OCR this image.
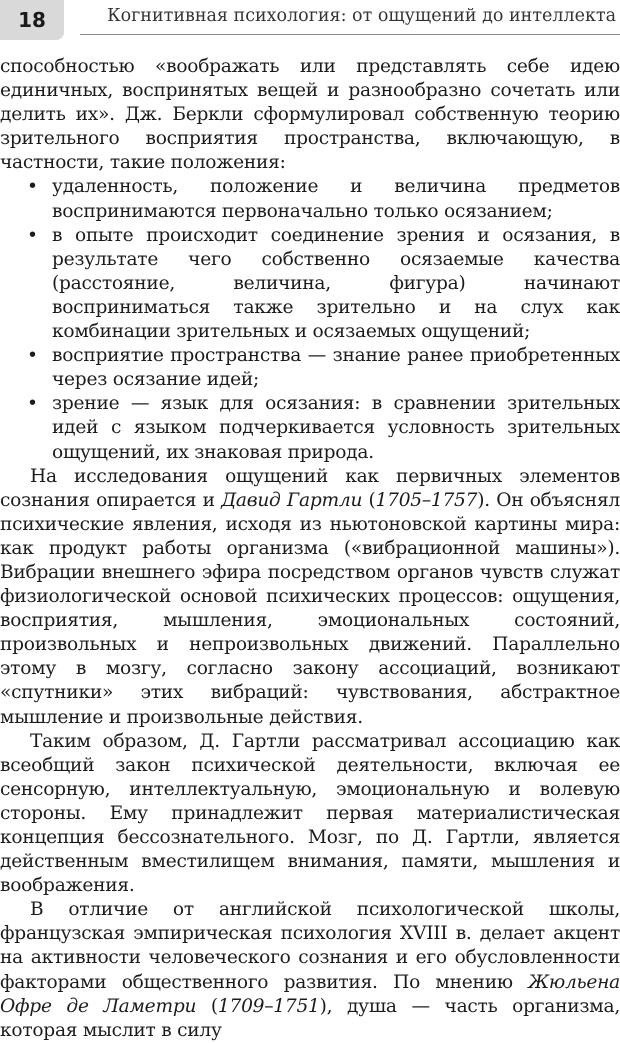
18	Когнитивная психология: от ощущений до интеллекта

способностью «воображать или представлять себе идею единичных, воспринятых вещей и разнообразно сочетать или делить их». Дж. Беркли сформулировал собственную теорию зрительного восприятия пространства, включающую, в частности, такие положения:

• удаленность, положение и величина предметов воспринимаются первоначально только осязанием;
• в опыте происходит соединение зрения и осязания, в результате чего собственно осязаемые качества (расстояние, величина, фигура) начинают восприниматься также зрительно и на слух как комбинации зрительных и осязаемых ощущений;
• восприятие пространства — знание ранее приобретенных через осязание идей;
• зрение — язык для осязания: в сравнении зрительных идей с языком подчеркивается условность зрительных ощущений, их знаковая природа.

На исследования ощущений как первичных элементов сознания опирается и Давид Гартли (1705–1757). Он объяснял психические явления, исходя из ньютоновской картины мира: как продукт работы организма («вибрационной машины»). Вибрации внешнего эфира посредством органов чувств служат физиологической основой психических процессов: ощущения, восприятия, мышления, эмоциональных состояний, произвольных и непроизвольных движений. Параллельно этому в мозгу, согласно закону ассоциаций, возникают «спутники» этих вибраций: чувствования, абстрактное мышление и произвольные действия.

Таким образом, Д. Гартли рассматривал ассоциацию как всеобщий закон психической деятельности, включая ее сенсорную, интеллектуальную, эмоциональную и волевую стороны. Ему принадлежит первая материалистическая концепция бессознательного. Мозг, по Д. Гартли, является действенным вместилищем внимания, памяти, мышления и воображения.

В отличие от английской психологической школы, французская эмпирическая психология XVIII в. делает акцент на активности человеческого сознания и его обусловленности факторами общественного развития. По мнению Жюльена Офре де Ламетри (1709–1751), душа — часть организма, которая мыслит в силу
